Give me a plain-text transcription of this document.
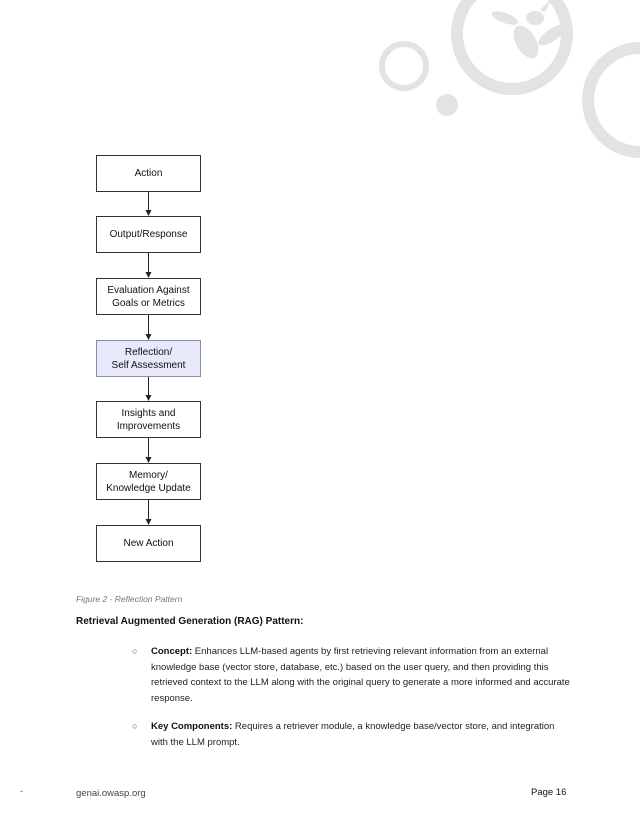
Action
Output/Response
Evaluation Against
Goals or Metrics
Reflection/
Self Assessment
Insights and
Improvements
Memory/
Knowledge Update
New Action
Figure 2 - Reflection Pattern
Retrieval Augmented Generation (RAG) Pattern:
○ Concept: Enhances LLM-based agents by first retrieving relevant information from an external knowledge base (vector store, database, etc.) based on the user query, and then providing this retrieved context to the LLM along with the original query to generate a more informed and accurate response.
○ Key Components: Requires a retriever module, a knowledge base/vector store, and integration with the LLM prompt.
-	genai.owasp.org	Page 16
